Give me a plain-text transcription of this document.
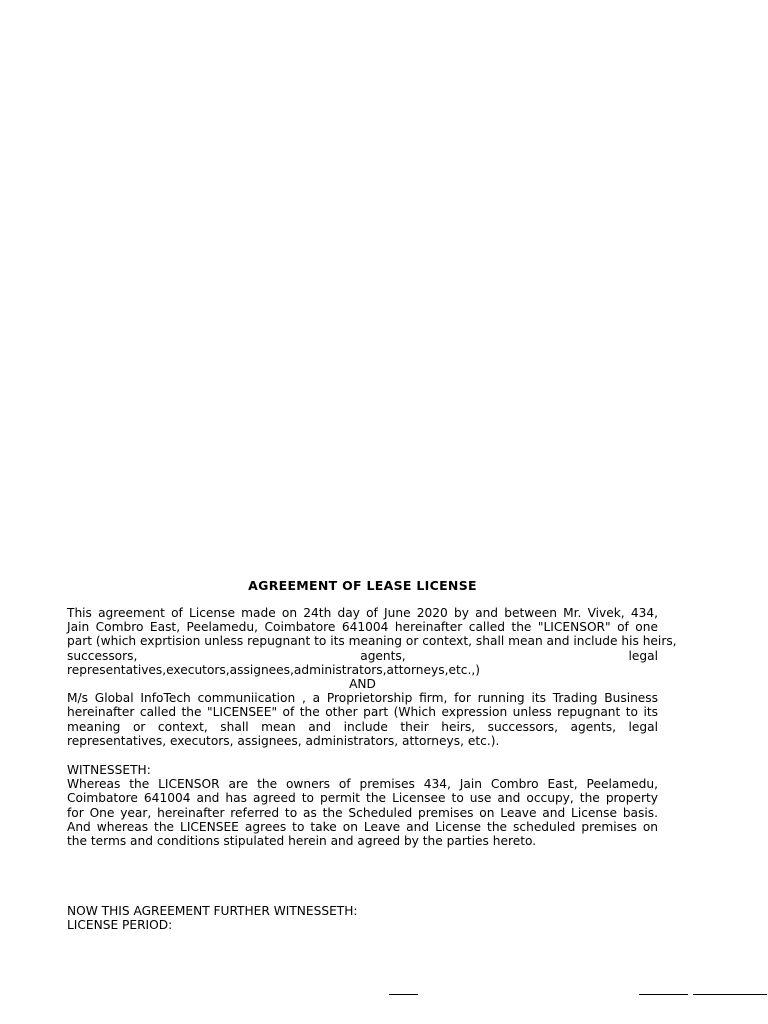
AGREEMENT OF LEASE LICENSE
This agreement of License made on 24th day of June 2020 by and between Mr. Vivek, 434,
Jain Combro East, Peelamedu, Coimbatore 641004 hereinafter called the "LICENSOR" of one
part (which exprtision unless repugnant to its meaning or context, shall mean and include his heirs,
successors, agents, legal
representatives,executors,assignees,administrators,attorneys,etc.,)
AND
M/s Global InfoTech communiication , a Proprietorship firm, for running its Trading Business
hereinafter called the "LICENSEE" of the other part (Which expression unless repugnant to its
meaning or context, shall mean and include their heirs, successors, agents, legal
representatives, executors, assignees, administrators, attorneys, etc.).
WITNESSETH:
Whereas the LICENSOR are the owners of premises 434, Jain Combro East, Peelamedu,
Coimbatore 641004 and has agreed to permit the Licensee to use and occupy, the property
for One year, hereinafter referred to as the Scheduled premises on Leave and License basis.
And whereas the LICENSEE agrees to take on Leave and License the scheduled premises on
the terms and conditions stipulated herein and agreed by the parties hereto.
NOW THIS AGREEMENT FURTHER WITNESSETH:
LICENSE PERIOD:
